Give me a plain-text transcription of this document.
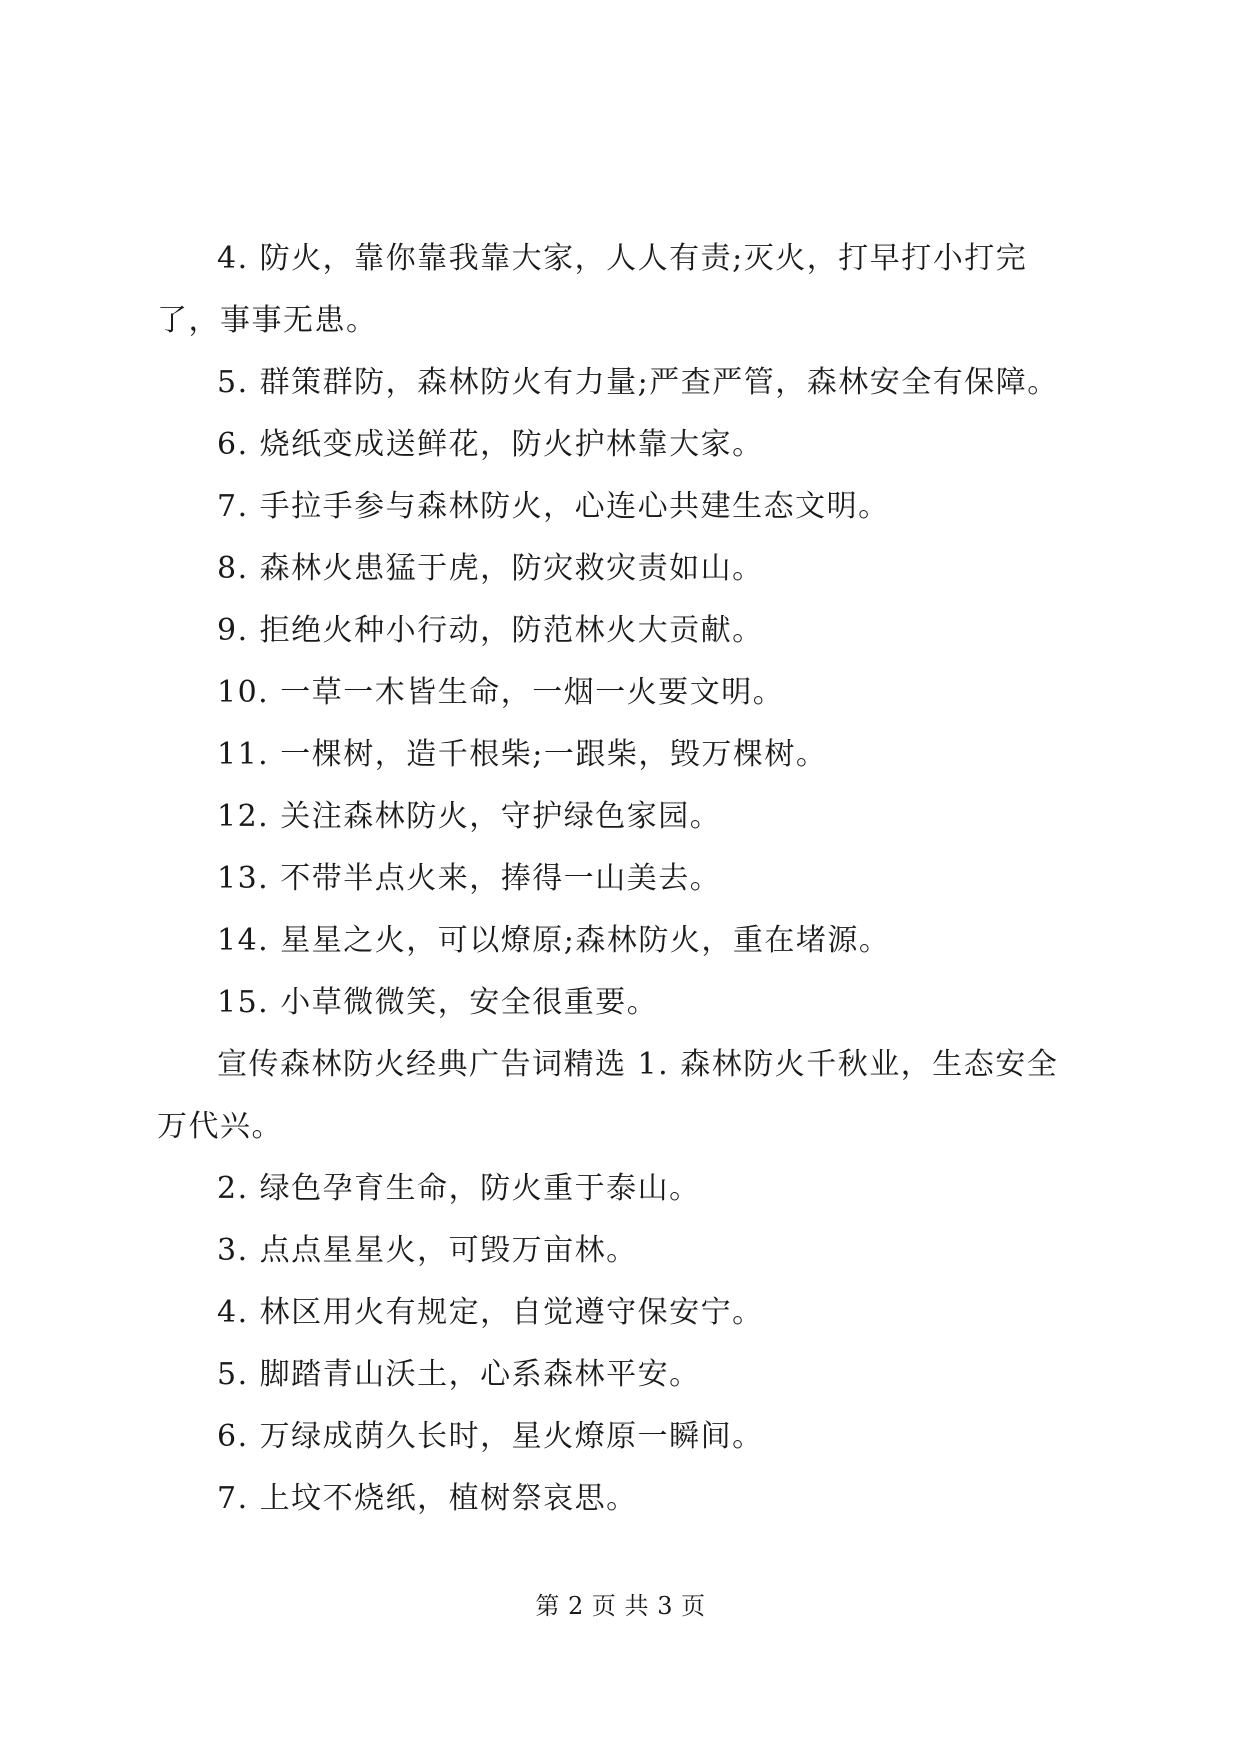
4. 防火，靠你靠我靠大家，人人有责;灭火，打早打小打完了，事事无患。

5. 群策群防，森林防火有力量;严查严管，森林安全有保障。

6. 烧纸变成送鲜花，防火护林靠大家。

7. 手拉手参与森林防火，心连心共建生态文明。

8. 森林火患猛于虎，防灾救灾责如山。

9. 拒绝火种小行动，防范林火大贡献。

10. 一草一木皆生命，一烟一火要文明。

11. 一棵树，造千根柴;一跟柴，毁万棵树。

12. 关注森林防火，守护绿色家园。

13. 不带半点火来，捧得一山美去。

14. 星星之火，可以燎原;森林防火，重在堵源。

15. 小草微微笑，安全很重要。

宣传森林防火经典广告词精选 1. 森林防火千秋业，生态安全万代兴。

2. 绿色孕育生命，防火重于泰山。

3. 点点星星火，可毁万亩林。

4. 林区用火有规定，自觉遵守保安宁。

5. 脚踏青山沃土，心系森林平安。

6. 万绿成荫久长时，星火燎原一瞬间。

7. 上坟不烧纸，植树祭哀思。

第 2 页 共 3 页
